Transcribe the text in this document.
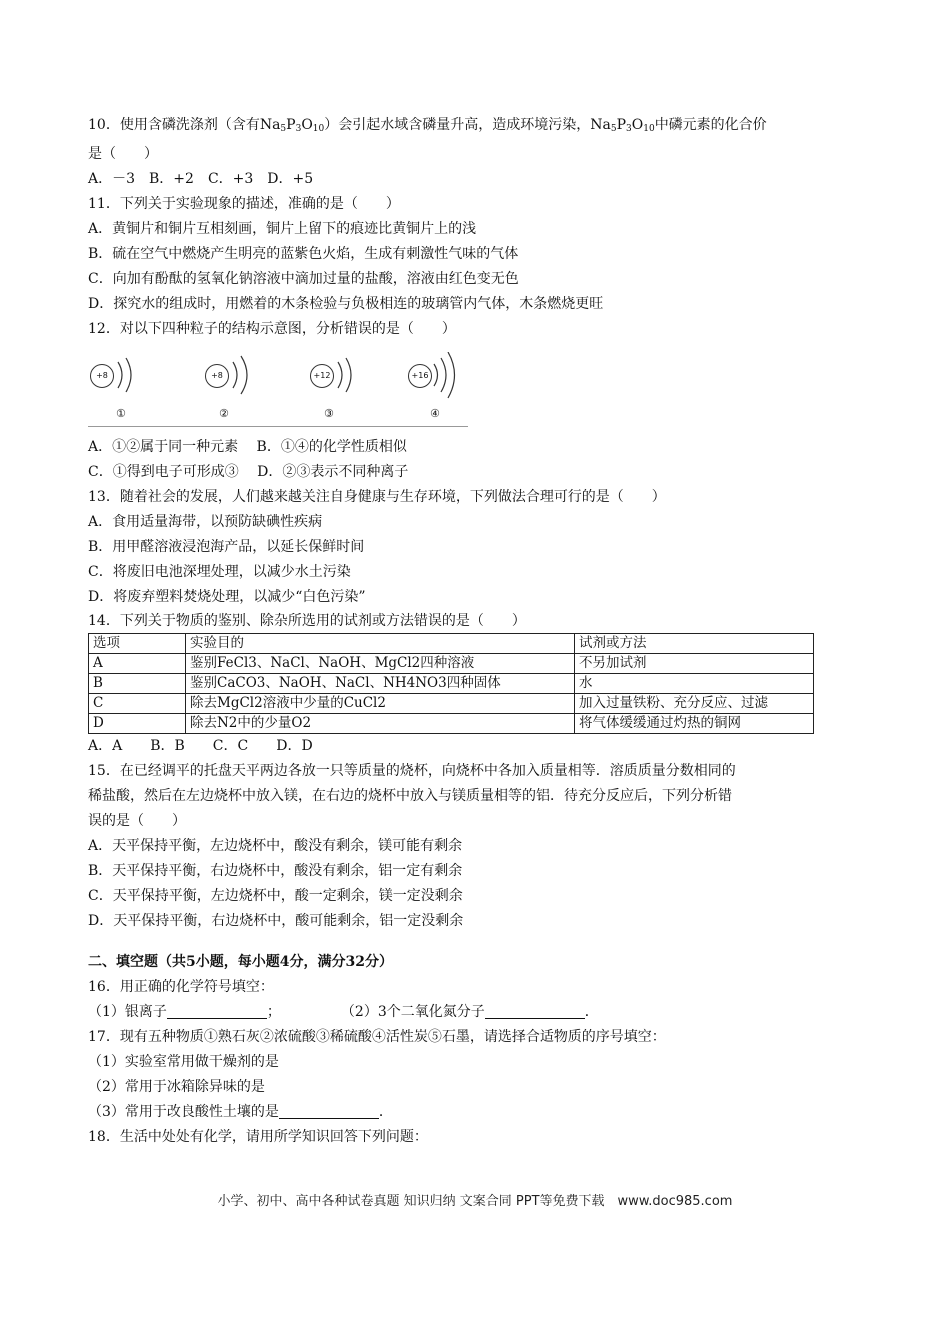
10．使用含磷洗涤剂（含有$Na_5P_3O_{10}$）会引起水域含磷量升高，造成环境污染，$Na_5P_3O_{10}$中磷元素的化合价
是（　　）
A．－3　B．+2　C．+3　D．+5
11．下列关于实验现象的描述，准确的是（　　）
A．黄铜片和铜片互相刻画，铜片上留下的痕迹比黄铜片上的浅
B．硫在空气中燃烧产生明亮的蓝紫色火焰，生成有刺激性气味的气体
C．向加有酚酞的氢氧化钠溶液中滴加过量的盐酸，溶液由红色变无色
D．探究水的组成时，用燃着的木条检验与负极相连的玻璃管内气体，木条燃烧更旺
12．对以下四种粒子的结构示意图，分析错误的是（　　）
+8
①
+8
②
+12
③
+16
④
A．①②属于同一种元素　 B．①④的化学性质相似
C．①得到电子可形成③　 D．②③表示不同种离子
13．随着社会的发展，人们越来越关注自身健康与生存环境，下列做法合理可行的是（　　）
A．食用适量海带，以预防缺碘性疾病
B．用甲醛溶液浸泡海产品，以延长保鲜时间
C．将废旧电池深埋处理，以减少水土污染
D．将废弃塑料焚烧处理，以减少“白色污染”
14．下列关于物质的鉴别、除杂所选用的试剂或方法错误的是（　　）
选项	实验目的	试剂或方法
A	鉴别FeCl3、NaCl、NaOH、MgCl2四种溶液	不另加试剂
B	鉴别CaCO3、NaOH、NaCl、NH4NO3四种固体	水
C	除去MgCl2溶液中少量的CuCl2	加入过量铁粉、充分反应、过滤
D	除去N2中的少量O2	将气体缓缓通过灼热的铜网
A．A　　B．B　　C．C　　D．D
15．在已经调平的托盘天平两边各放一只等质量的烧杯，向烧杯中各加入质量相等．溶质质量分数相同的
稀盐酸，然后在左边烧杯中放入镁，在右边的烧杯中放入与镁质量相等的铝．待充分反应后，下列分析错
误的是（　　）
A．天平保持平衡，左边烧杯中，酸没有剩余，镁可能有剩余
B．天平保持平衡，右边烧杯中，酸没有剩余，铝一定有剩余
C．天平保持平衡，左边烧杯中，酸一定剩余，镁一定没剩余
D．天平保持平衡，右边烧杯中，酸可能剩余，铝一定没剩余
二、填空题（共5小题，每小题4分，满分32分）
16．用正确的化学符号填空：
（1）银离子	；	（2）3个二氧化氮分子	．
17．现有五种物质①熟石灰②浓硫酸③稀硫酸④活性炭⑤石墨，请选择合适物质的序号填空：
（1）实验室常用做干燥剂的是
（2）常用于冰箱除异味的是
（3）常用于改良酸性土壤的是	．
18．生活中处处有化学，请用所学知识回答下列问题：
小学、初中、高中各种试卷真题 知识归纳 文案合同 PPT等免费下载　www.doc985.com
